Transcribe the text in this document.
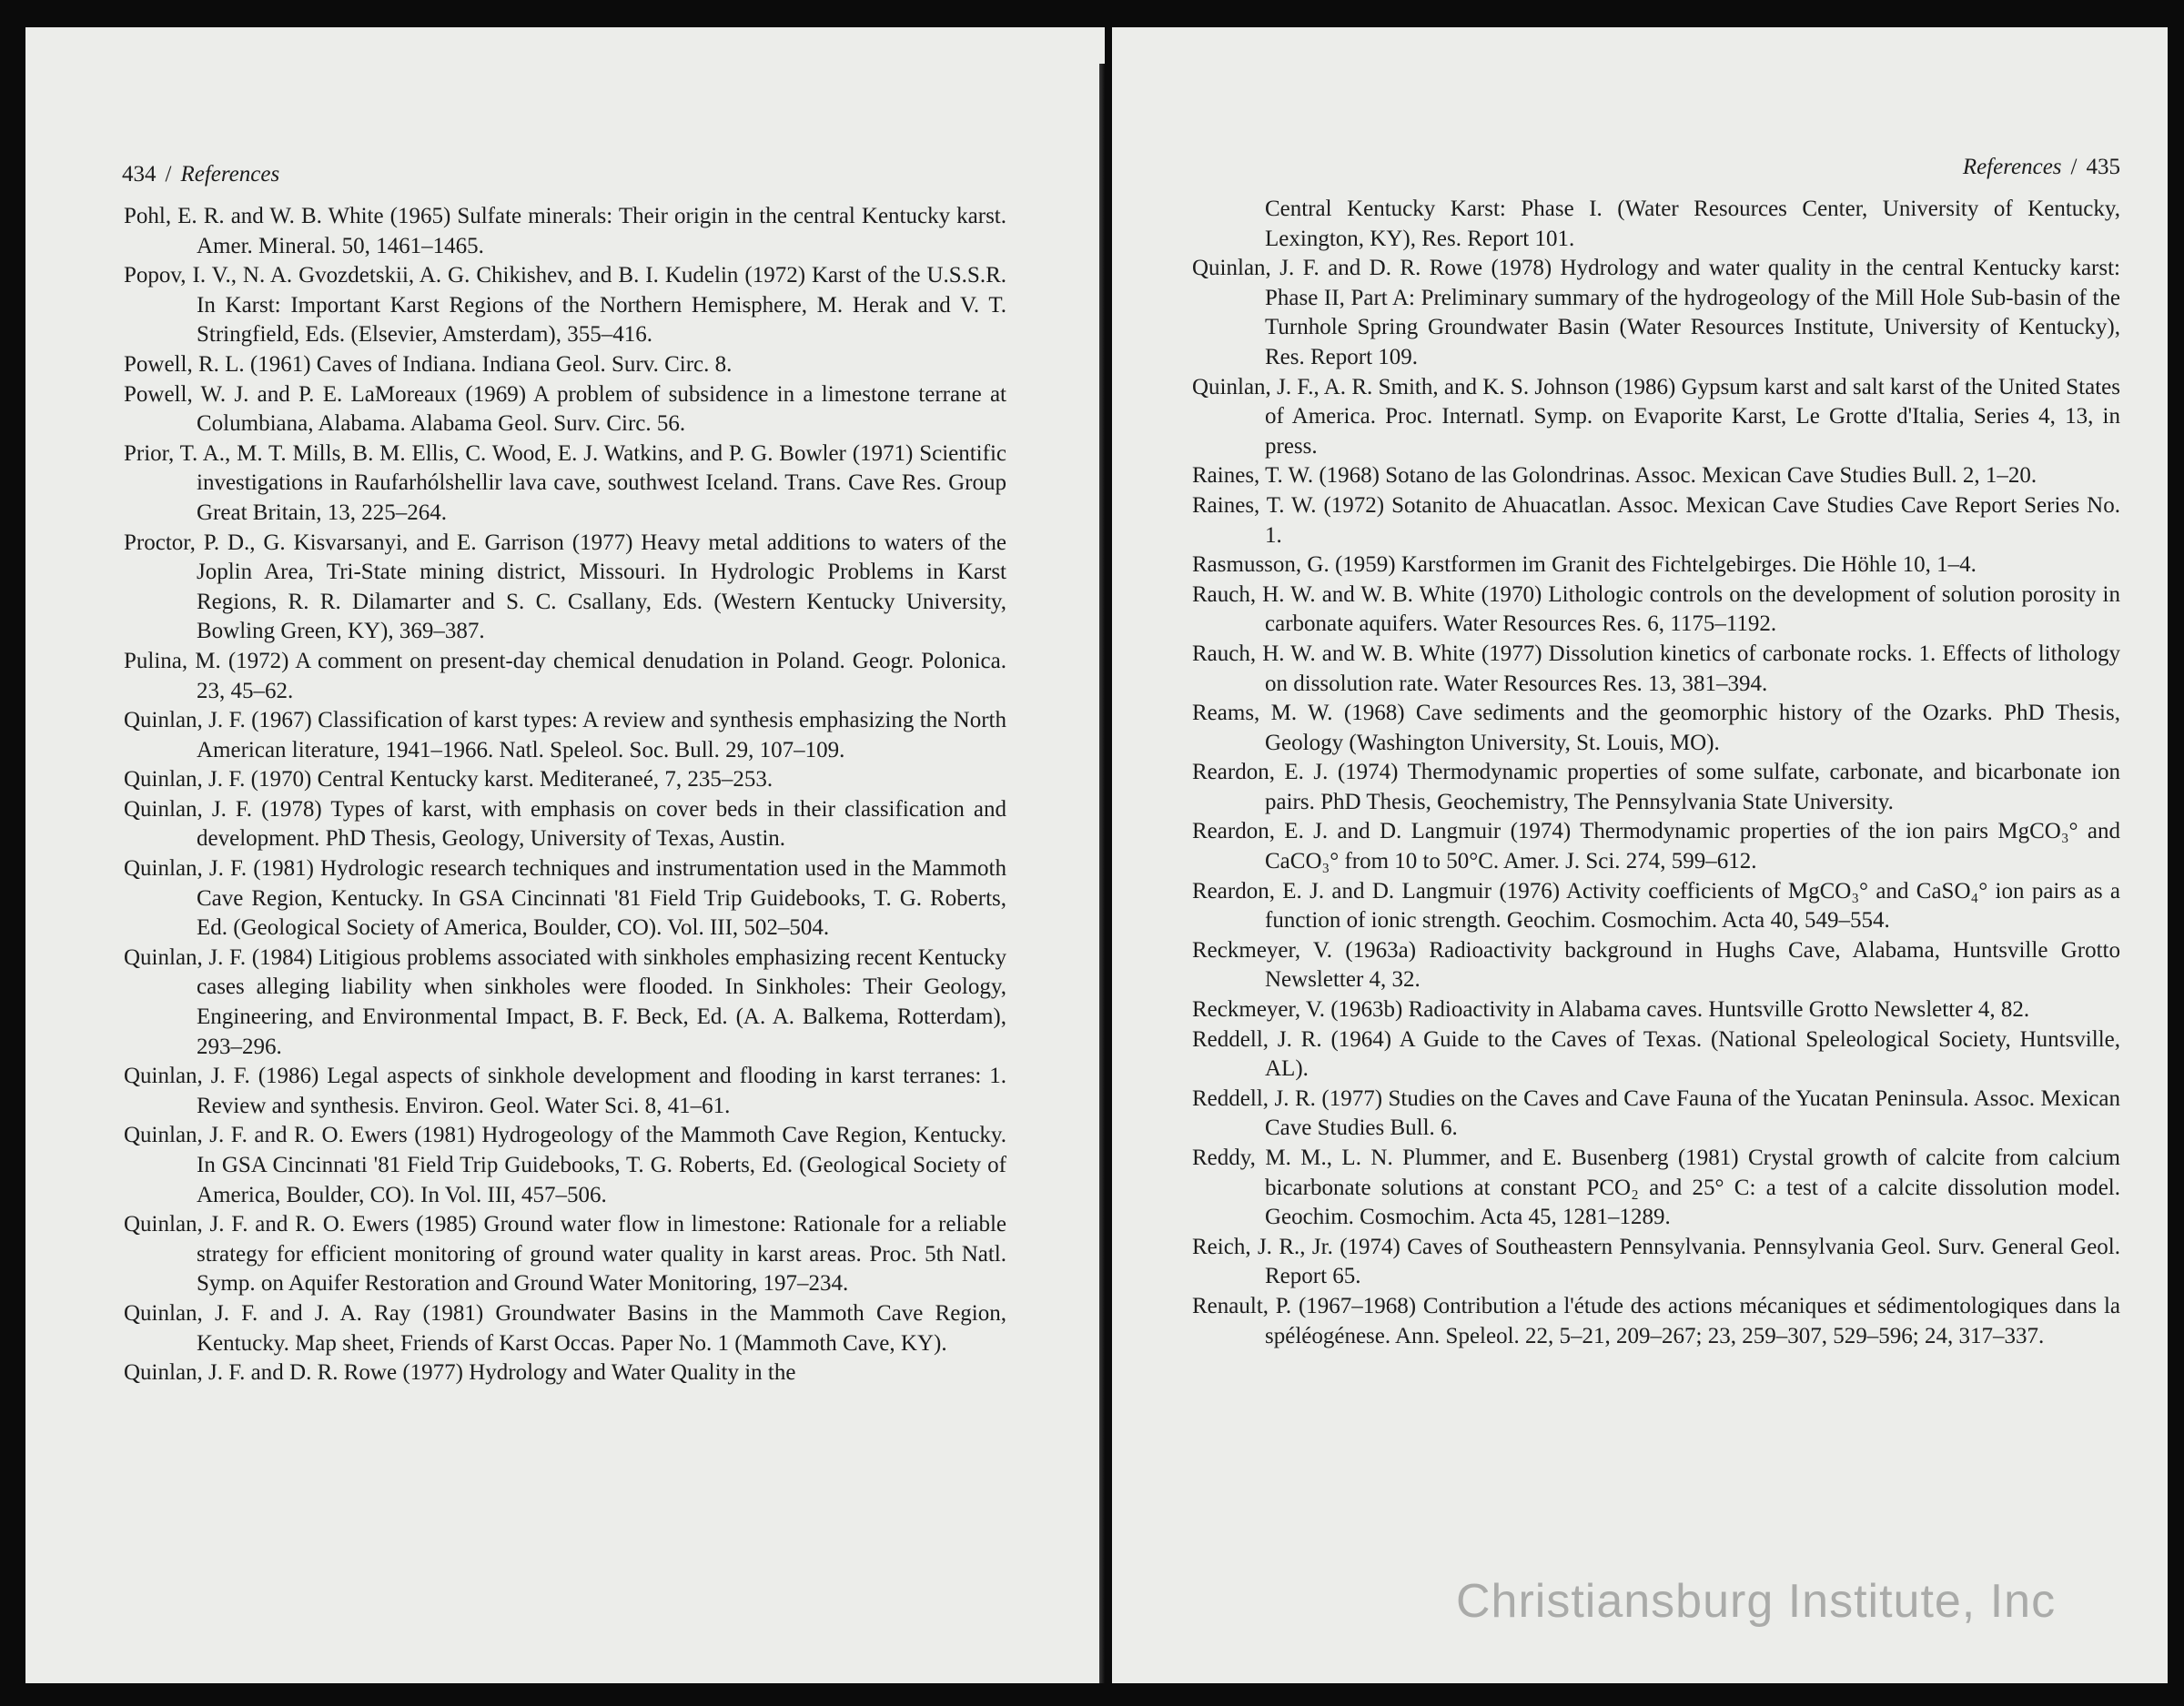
434 / References
Pohl, E. R. and W. B. White (1965) Sulfate minerals: Their origin in the central Kentucky karst. Amer. Mineral. 50, 1461–1465.
Popov, I. V., N. A. Gvozdetskii, A. G. Chikishev, and B. I. Kudelin (1972) Karst of the U.S.S.R. In Karst: Important Karst Regions of the Northern Hemisphere, M. Herak and V. T. Stringfield, Eds. (Elsevier, Amsterdam), 355–416.
Powell, R. L. (1961) Caves of Indiana. Indiana Geol. Surv. Circ. 8.
Powell, W. J. and P. E. LaMoreaux (1969) A problem of subsidence in a limestone terrane at Columbiana, Alabama. Alabama Geol. Surv. Circ. 56.
Prior, T. A., M. T. Mills, B. M. Ellis, C. Wood, E. J. Watkins, and P. G. Bowler (1971) Scientific investigations in Raufarhólshellir lava cave, southwest Iceland. Trans. Cave Res. Group Great Britain, 13, 225–264.
Proctor, P. D., G. Kisvarsanyi, and E. Garrison (1977) Heavy metal additions to waters of the Joplin Area, Tri-State mining district, Missouri. In Hydrologic Problems in Karst Regions, R. R. Dilamarter and S. C. Csallany, Eds. (Western Kentucky University, Bowling Green, KY), 369–387.
Pulina, M. (1972) A comment on present-day chemical denudation in Poland. Geogr. Polonica. 23, 45–62.
Quinlan, J. F. (1967) Classification of karst types: A review and synthesis emphasizing the North American literature, 1941–1966. Natl. Speleol. Soc. Bull. 29, 107–109.
Quinlan, J. F. (1970) Central Kentucky karst. Mediteraneé, 7, 235–253.
Quinlan, J. F. (1978) Types of karst, with emphasis on cover beds in their classification and development. PhD Thesis, Geology, University of Texas, Austin.
Quinlan, J. F. (1981) Hydrologic research techniques and instrumentation used in the Mammoth Cave Region, Kentucky. In GSA Cincinnati '81 Field Trip Guidebooks, T. G. Roberts, Ed. (Geological Society of America, Boulder, CO). Vol. III, 502–504.
Quinlan, J. F. (1984) Litigious problems associated with sinkholes emphasizing recent Kentucky cases alleging liability when sinkholes were flooded. In Sinkholes: Their Geology, Engineering, and Environmental Impact, B. F. Beck, Ed. (A. A. Balkema, Rotterdam), 293–296.
Quinlan, J. F. (1986) Legal aspects of sinkhole development and flooding in karst terranes: 1. Review and synthesis. Environ. Geol. Water Sci. 8, 41–61.
Quinlan, J. F. and R. O. Ewers (1981) Hydrogeology of the Mammoth Cave Region, Kentucky. In GSA Cincinnati '81 Field Trip Guidebooks, T. G. Roberts, Ed. (Geological Society of America, Boulder, CO). In Vol. III, 457–506.
Quinlan, J. F. and R. O. Ewers (1985) Ground water flow in limestone: Rationale for a reliable strategy for efficient monitoring of ground water quality in karst areas. Proc. 5th Natl. Symp. on Aquifer Restoration and Ground Water Monitoring, 197–234.
Quinlan, J. F. and J. A. Ray (1981) Groundwater Basins in the Mammoth Cave Region, Kentucky. Map sheet, Friends of Karst Occas. Paper No. 1 (Mammoth Cave, KY).
Quinlan, J. F. and D. R. Rowe (1977) Hydrology and Water Quality in the
References / 435
Central Kentucky Karst: Phase I. (Water Resources Center, University of Kentucky, Lexington, KY), Res. Report 101.
Quinlan, J. F. and D. R. Rowe (1978) Hydrology and water quality in the central Kentucky karst: Phase II, Part A: Preliminary summary of the hydrogeology of the Mill Hole Sub-basin of the Turnhole Spring Groundwater Basin (Water Resources Institute, University of Kentucky), Res. Report 109.
Quinlan, J. F., A. R. Smith, and K. S. Johnson (1986) Gypsum karst and salt karst of the United States of America. Proc. Internatl. Symp. on Evaporite Karst, Le Grotte d'Italia, Series 4, 13, in press.
Raines, T. W. (1968) Sotano de las Golondrinas. Assoc. Mexican Cave Studies Bull. 2, 1–20.
Raines, T. W. (1972) Sotanito de Ahuacatlan. Assoc. Mexican Cave Studies Cave Report Series No. 1.
Rasmusson, G. (1959) Karstformen im Granit des Fichtelgebirges. Die Höhle 10, 1–4.
Rauch, H. W. and W. B. White (1970) Lithologic controls on the development of solution porosity in carbonate aquifers. Water Resources Res. 6, 1175–1192.
Rauch, H. W. and W. B. White (1977) Dissolution kinetics of carbonate rocks. 1. Effects of lithology on dissolution rate. Water Resources Res. 13, 381–394.
Reams, M. W. (1968) Cave sediments and the geomorphic history of the Ozarks. PhD Thesis, Geology (Washington University, St. Louis, MO).
Reardon, E. J. (1974) Thermodynamic properties of some sulfate, carbonate, and bicarbonate ion pairs. PhD Thesis, Geochemistry, The Pennsylvania State University.
Reardon, E. J. and D. Langmuir (1974) Thermodynamic properties of the ion pairs MgCO₃° and CaCO₃° from 10 to 50°C. Amer. J. Sci. 274, 599–612.
Reardon, E. J. and D. Langmuir (1976) Activity coefficients of MgCO₃° and CaSO₄° ion pairs as a function of ionic strength. Geochim. Cosmochim. Acta 40, 549–554.
Reckmeyer, V. (1963a) Radioactivity background in Hughs Cave, Alabama, Huntsville Grotto Newsletter 4, 32.
Reckmeyer, V. (1963b) Radioactivity in Alabama caves. Huntsville Grotto Newsletter 4, 82.
Reddell, J. R. (1964) A Guide to the Caves of Texas. (National Speleological Society, Huntsville, AL).
Reddell, J. R. (1977) Studies on the Caves and Cave Fauna of the Yucatan Peninsula. Assoc. Mexican Cave Studies Bull. 6.
Reddy, M. M., L. N. Plummer, and E. Busenberg (1981) Crystal growth of calcite from calcium bicarbonate solutions at constant PCO₂ and 25° C: a test of a calcite dissolution model. Geochim. Cosmochim. Acta 45, 1281–1289.
Reich, J. R., Jr. (1974) Caves of Southeastern Pennsylvania. Pennsylvania Geol. Surv. General Geol. Report 65.
Renault, P. (1967–1968) Contribution a l'étude des actions mécaniques et sédimentologiques dans la spéléogénese. Ann. Speleol. 22, 5–21, 209–267; 23, 259–307, 529–596; 24, 317–337.
Christiansburg Institute, Inc
